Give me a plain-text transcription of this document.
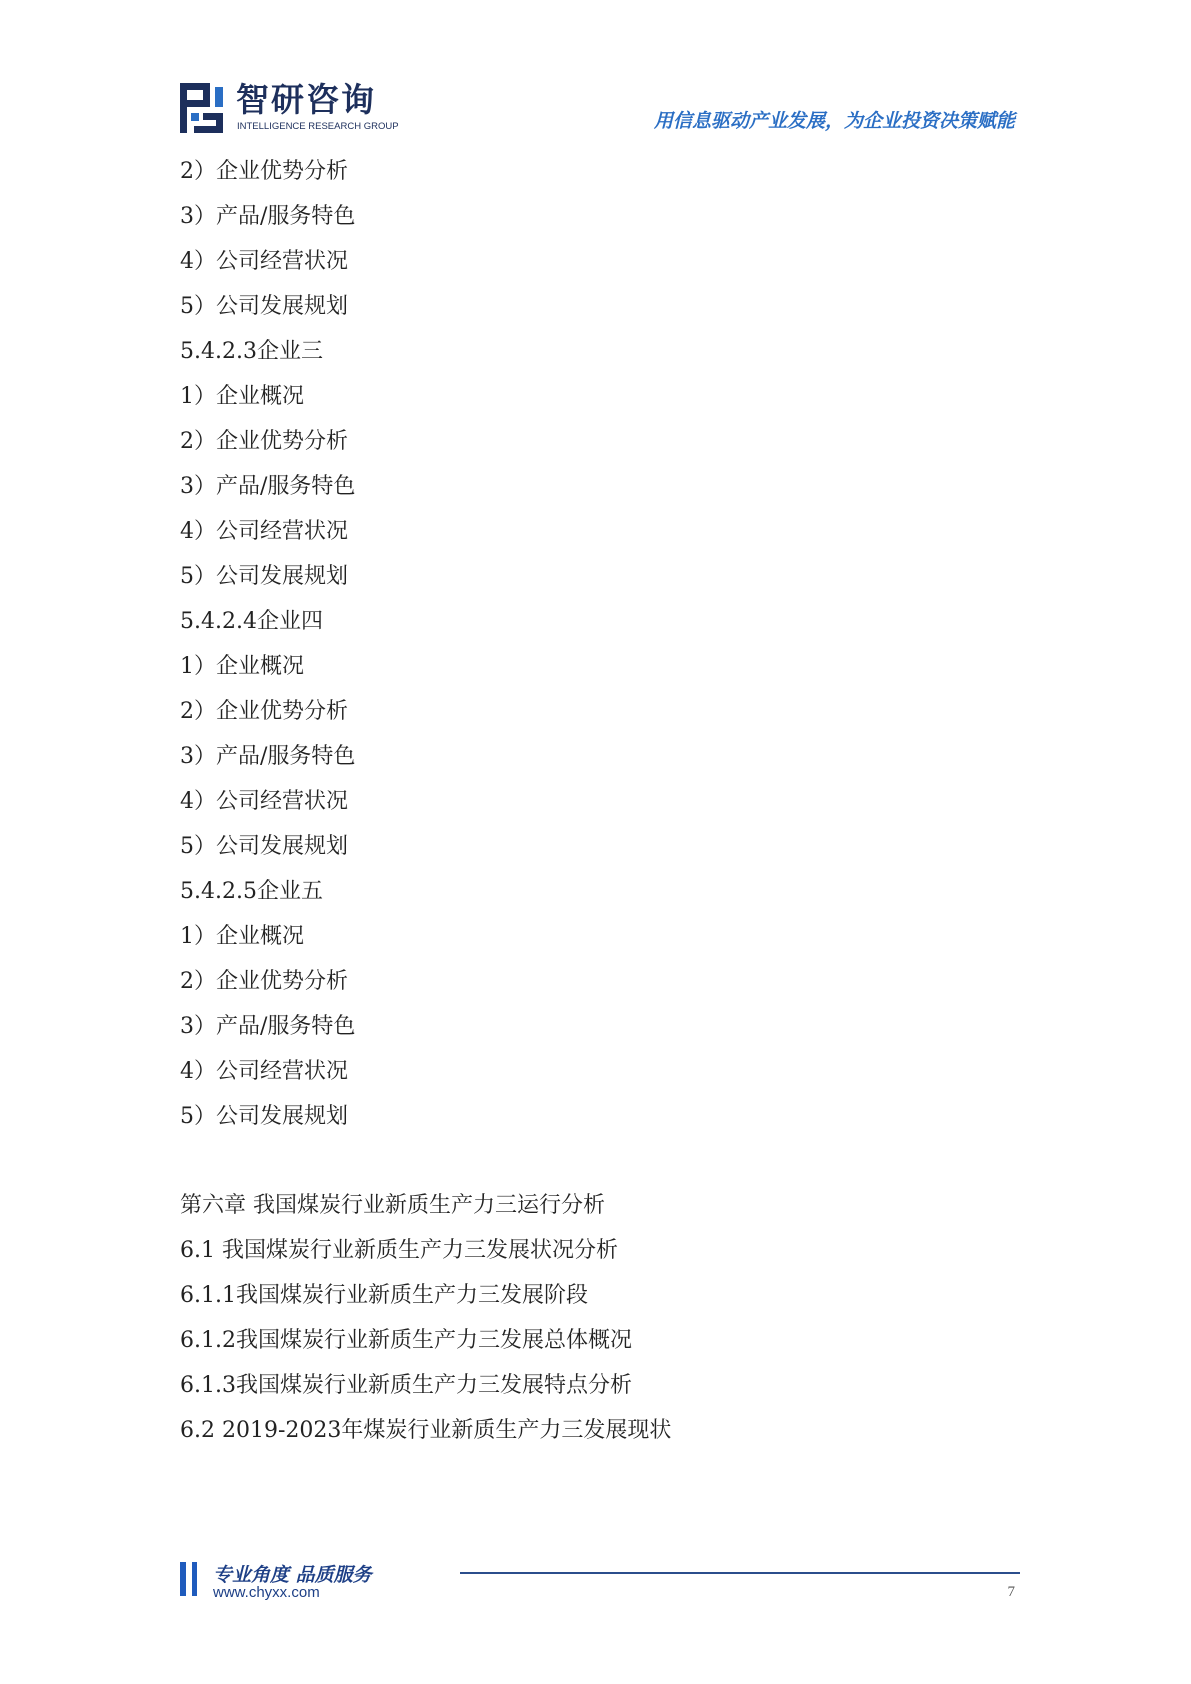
智研咨询
INTELLIGENCE RESEARCH GROUP	用信息驱动产业发展，为企业投资决策赋能
2）企业优势分析
3）产品/服务特色
4）公司经营状况
5）公司发展规划
5.4.2.3企业三
1）企业概况
2）企业优势分析
3）产品/服务特色
4）公司经营状况
5）公司发展规划
5.4.2.4企业四
1）企业概况
2）企业优势分析
3）产品/服务特色
4）公司经营状况
5）公司发展规划
5.4.2.5企业五
1）企业概况
2）企业优势分析
3）产品/服务特色
4）公司经营状况
5）公司发展规划
第六章 我国煤炭行业新质生产力三运行分析
6.1 我国煤炭行业新质生产力三发展状况分析
6.1.1我国煤炭行业新质生产力三发展阶段
6.1.2我国煤炭行业新质生产力三发展总体概况
6.1.3我国煤炭行业新质生产力三发展特点分析
6.2 2019-2023年煤炭行业新质生产力三发展现状
专业角度 品质服务
www.chyxx.com	7
